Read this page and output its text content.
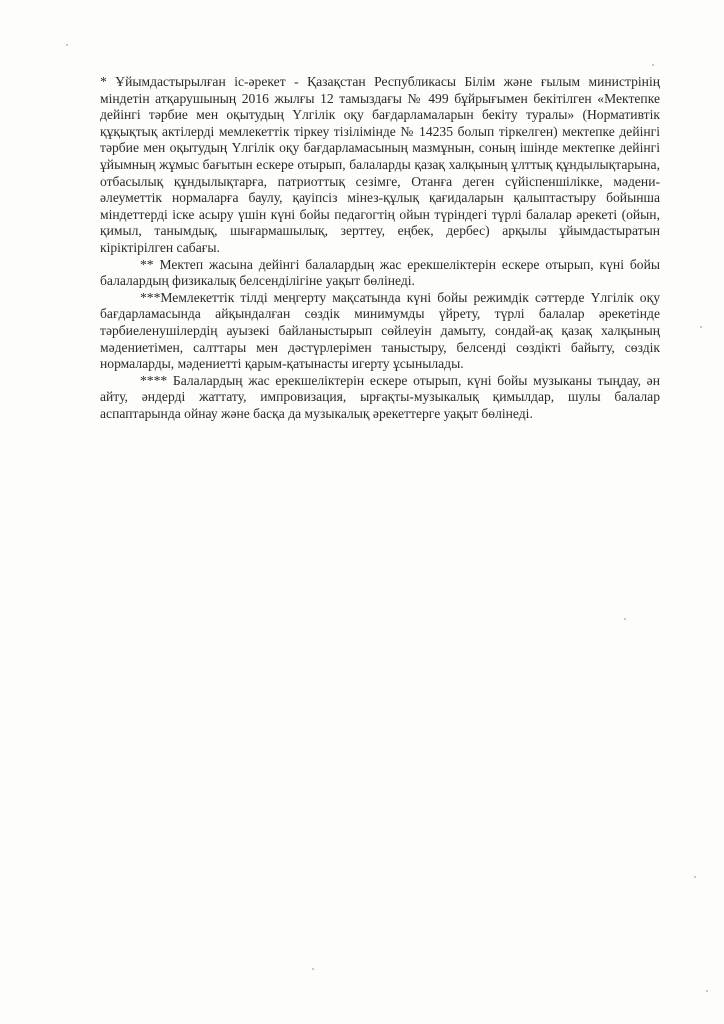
* Ұйымдастырылған іс-әрекет - Қазақстан Республикасы Білім және ғылым министрінің міндетін атқарушының 2016 жылғы 12 тамыздағы № 499 бұйрығымен бекітілген «Мектепке дейінгі тәрбие мен оқытудың Үлгілік оқу бағдарламаларын бекіту туралы» (Нормативтік құқықтық актілерді мемлекеттік тіркеу тізілімінде № 14235 болып тіркелген) мектепке дейінгі тәрбие мен оқытудың Үлгілік оқу бағдарламасының мазмұнын, соның ішінде мектепке дейінгі ұйымның жұмыс бағытын ескере отырып, балаларды қазақ халқының ұлттық құндылықтарына, отбасылық құндылықтарға, патриоттық сезімге, Отанға деген сүйіспеншілікке, мәдени- әлеуметтік нормаларға баулу, қауіпсіз мінез-құлық қағидаларын қалыптастыру бойынша міндеттерді іске асыру үшін күні бойы педагогтің ойын түріндегі түрлі балалар әрекеті (ойын, қимыл, танымдық, шығармашылық, зерттеу, еңбек, дербес) арқылы ұйымдастыратын кіріктірілген сабағы.

** Мектеп жасына дейінгі балалардың жас ерекшеліктерін ескере отырып, күні бойы балалардың физикалық белсенділігіне уақыт бөлінеді.

***Мемлекеттік тілді меңгерту мақсатында күні бойы режимдік сәттерде Үлгілік оқу бағдарламасында айқындалған сөздік минимумды үйрету, түрлі балалар әрекетінде тәрбиеленушілердің ауызекі байланыстырып сөйлеуін дамыту, сондай-ақ қазақ халқының мәдениетімен, салттары мен дәстүрлерімен таныстыру, белсенді сөздікті байыту, сөздік нормаларды, мәдениетті қарым-қатынасты игерту ұсынылады.

**** Балалардың жас ерекшеліктерін ескере отырып, күні бойы музыканы тыңдау, ән айту, әндерді жаттату, импровизация, ырғақты-музыкалық қимылдар, шулы балалар аспаптарында ойнау және басқа да музыкалық әрекеттерге уақыт бөлінеді.
